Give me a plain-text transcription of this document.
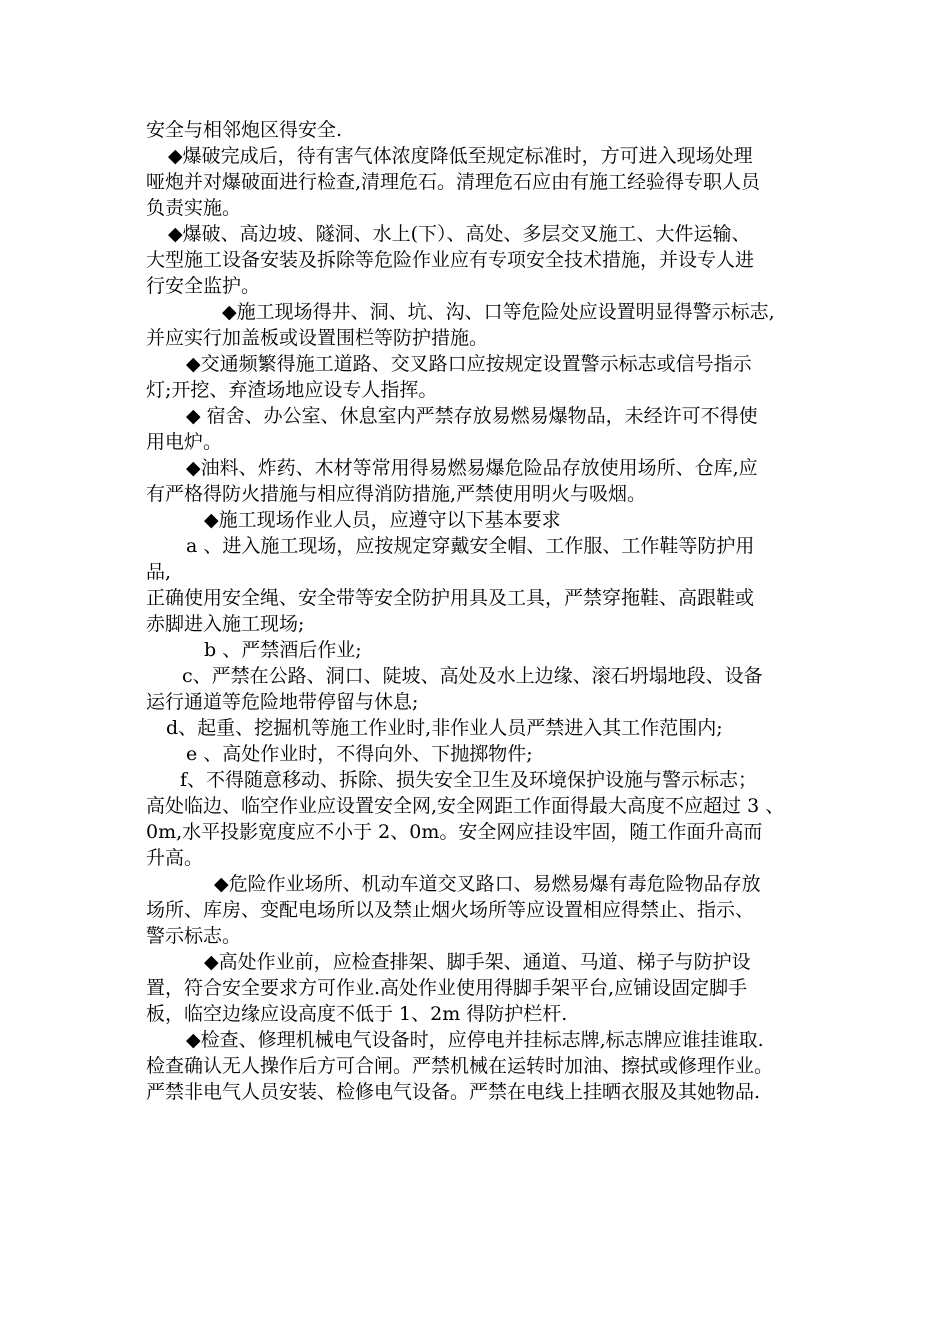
安全与相邻炮区得安全.
◆爆破完成后，待有害气体浓度降低至规定标准时，方可进入现场处理
哑炮并对爆破面进行检查,清理危石。清理危石应由有施工经验得专职人员
负责实施。
◆爆破、高边坡、隧洞、水上(下）、高处、多层交叉施工、大件运输、
大型施工设备安装及拆除等危险作业应有专项安全技术措施，并设专人进
行安全监护。
◆施工现场得井、洞、坑、沟、口等危险处应设置明显得警示标志,
并应实行加盖板或设置围栏等防护措施。
◆交通频繁得施工道路、交叉路口应按规定设置警示标志或信号指示
灯;开挖、弃渣场地应设专人指挥。
◆ 宿舍、办公室、休息室内严禁存放易燃易爆物品，未经许可不得使
用电炉。
◆油料、炸药、木材等常用得易燃易爆危险品存放使用场所、仓库,应
有严格得防火措施与相应得消防措施,严禁使用明火与吸烟。
◆施工现场作业人员，应遵守以下基本要求
a 、进入施工现场，应按规定穿戴安全帽、工作服、工作鞋等防护用
品,
正确使用安全绳、安全带等安全防护用具及工具，严禁穿拖鞋、高跟鞋或
赤脚进入施工现场;
b 、严禁酒后作业;
c、严禁在公路、洞口、陡坡、高处及水上边缘、滚石坍塌地段、设备
运行通道等危险地带停留与休息;
d、起重、挖掘机等施工作业时,非作业人员严禁进入其工作范围内;
e 、高处作业时，不得向外、下抛掷物件;
f、不得随意移动、拆除、损失安全卫生及环境保护设施与警示标志；
高处临边、临空作业应设置安全网,安全网距工作面得最大高度不应超过 3 、
0m,水平投影宽度应不小于 2、0m。安全网应挂设牢固，随工作面升高而
升高。
◆危险作业场所、机动车道交叉路口、易燃易爆有毒危险物品存放
场所、库房、变配电场所以及禁止烟火场所等应设置相应得禁止、指示、
警示标志。
◆高处作业前，应检查排架、脚手架、通道、马道、梯子与防护设
置，符合安全要求方可作业.高处作业使用得脚手架平台,应铺设固定脚手
板，临空边缘应设高度不低于 1、2m 得防护栏杆.
◆检查、修理机械电气设备时，应停电并挂标志牌,标志牌应谁挂谁取.
检查确认无人操作后方可合闸。严禁机械在运转时加油、擦拭或修理作业。
严禁非电气人员安装、检修电气设备。严禁在电线上挂晒衣服及其她物品.
